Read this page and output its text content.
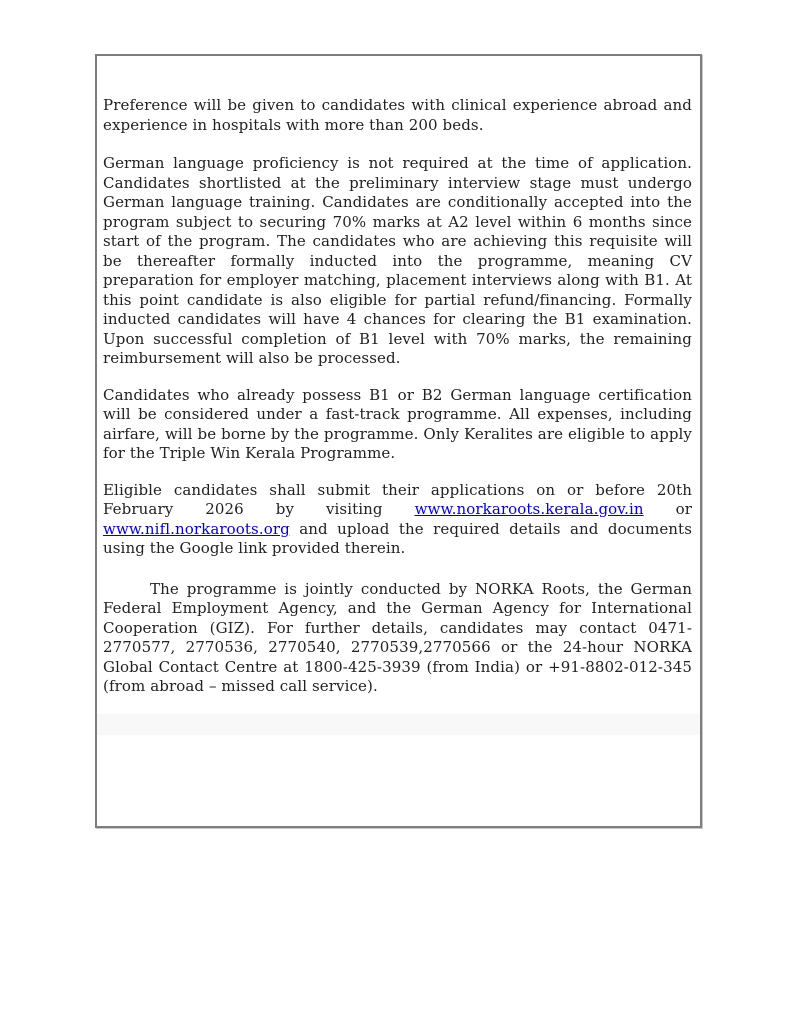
Preference will be given to candidates with clinical experience abroad and experience in hospitals with more than 200 beds.

German language proficiency is not required at the time of application. Candidates shortlisted at the preliminary interview stage must undergo German language training. Candidates are conditionally accepted into the program subject to securing 70% marks at A2 level within 6 months since start of the program. The candidates who are achieving this requisite will be thereafter formally inducted into the programme, meaning CV preparation for employer matching, placement interviews along with B1. At this point candidate is also eligible for partial refund/financing. Formally inducted candidates will have 4 chances for clearing the B1 examination. Upon successful completion of B1 level with 70% marks, the remaining reimbursement will also be processed.

Candidates who already possess B1 or B2 German language certification will be considered under a fast-track programme. All expenses, including airfare, will be borne by the programme. Only Keralites are eligible to apply for the Triple Win Kerala Programme.

Eligible candidates shall submit their applications on or before 20th February 2026 by visiting www.norkaroots.kerala.gov.in or www.nifl.norkaroots.org and upload the required details and documents using the Google link provided therein.

The programme is jointly conducted by NORKA Roots, the German Federal Employment Agency, and the German Agency for International Cooperation (GIZ). For further details, candidates may contact 0471-2770577, 2770536, 2770540, 2770539,2770566 or the 24-hour NORKA Global Contact Centre at 1800-425-3939 (from India) or +91-8802-012-345 (from abroad – missed call service).
